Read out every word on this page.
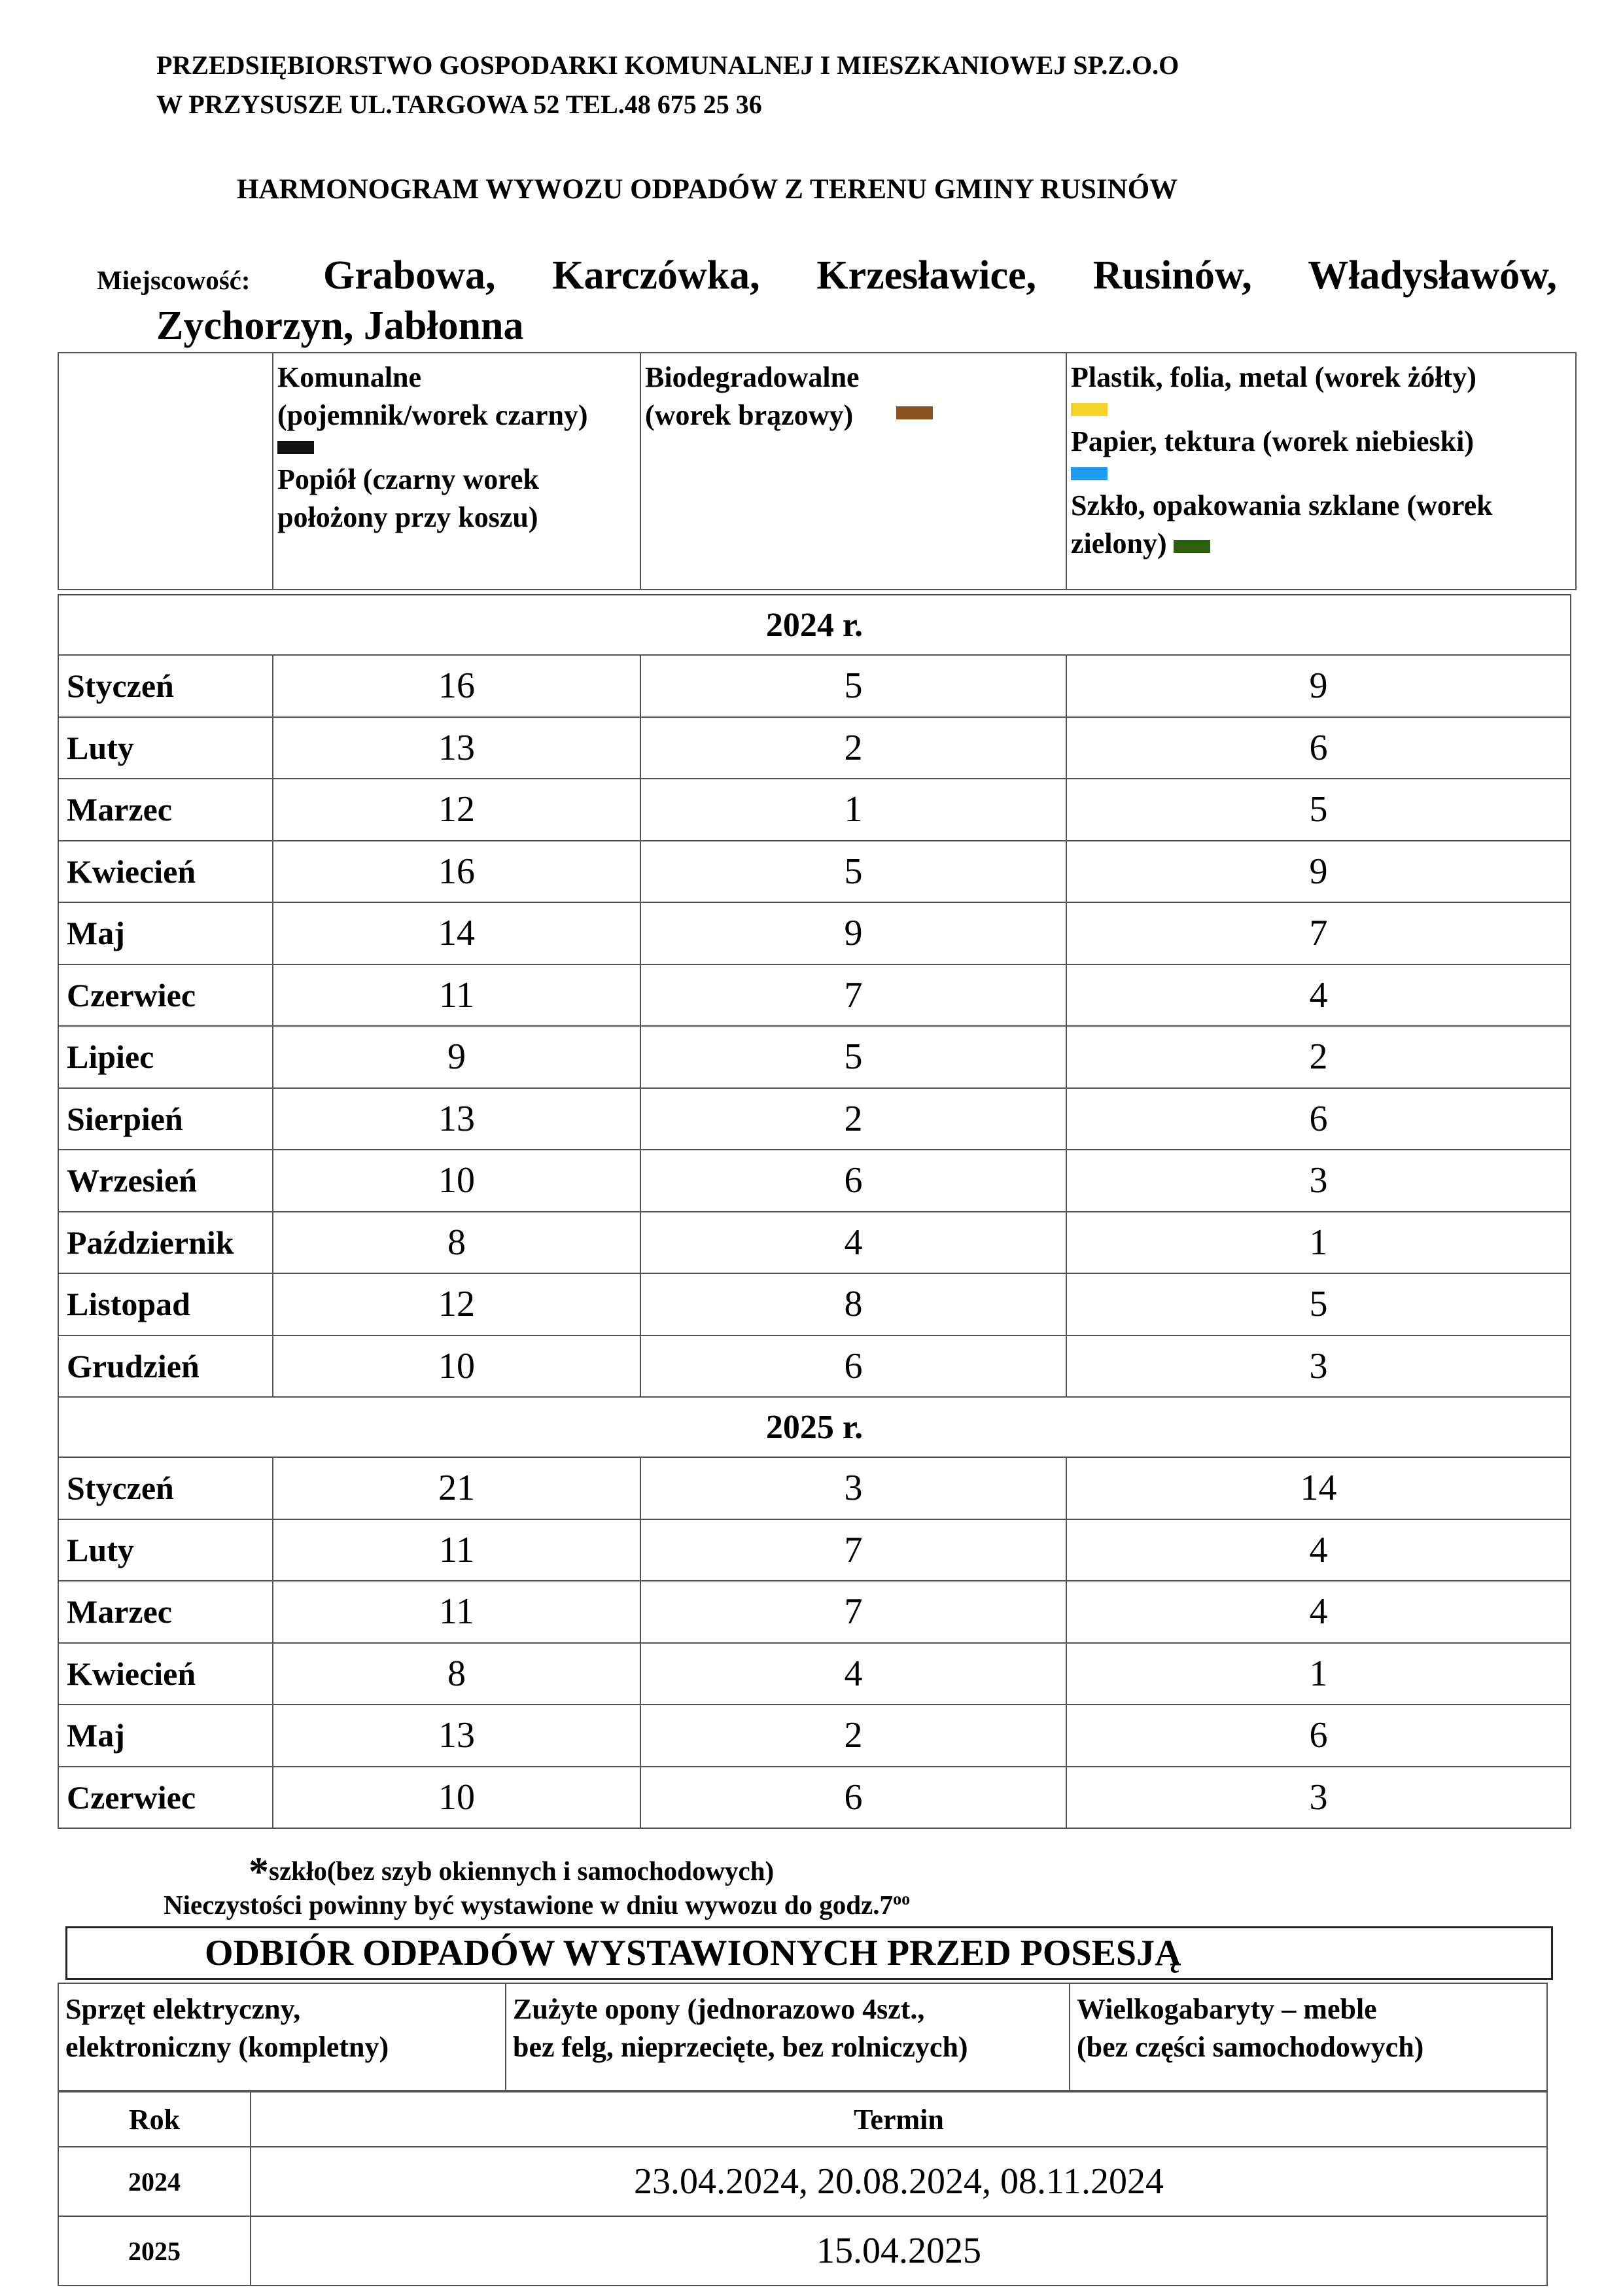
PRZEDSIĘBIORSTWO GOSPODARKI KOMUNALNEJ I MIESZKANIOWEJ SP.Z.O.O
W PRZYSUSZE UL.TARGOWA 52 TEL.48 675 25 36
HARMONOGRAM WYWOZU ODPADÓW Z TERENU GMINY RUSINÓW
Miejscowość: Grabowa, Karczówka, Krzesławice, Rusinów, Władysławów,
Zychorzyn, Jabłonna

Komunalne
(pojemnik/worek czarny)
Popiół (czarny worek
położony przy koszu)

Biodegradowalne
(worek brązowy)

Plastik, folia, metal (worek żółty)
Papier, tektura (worek niebieski)
Szkło, opakowania szklane (worek
zielony)
2024 r.			
Styczeń	16	5	9
Luty	13	2	6
Marzec	12	1	5
Kwiecień	16	5	9
Maj	14	9	7
Czerwiec	11	7	4
Lipiec	9	5	2
Sierpień	13	2	6
Wrzesień	10	6	3
Październik	8	4	1
Listopad	12	8	5
Grudzień	10	6	3
2025 r.			
Styczeń	21	3	14
Luty	11	7	4
Marzec	11	7	4
Kwiecień	8	4	1
Maj	13	2	6
Czerwiec	10	6	3
*szkło(bez szyb okiennych i samochodowych)
Nieczystości powinny być wystawione w dniu wywozu do $godz.7^{oo}$
ODBIÓR ODPADÓW WYSTAWIONYCH PRZED POSESJĄ
Sprzęt elektryczny,
elektroniczny (kompletny)

Zużyte opony (jednorazowo 4szt.,
bez felg, nieprzecięte, bez rolniczych)

Wielkogabaryty – meble
(bez części samochodowych)
Rok	Termin
2024	23.04.2024, 20.08.2024, 08.11.2024
2025	15.04.2025
